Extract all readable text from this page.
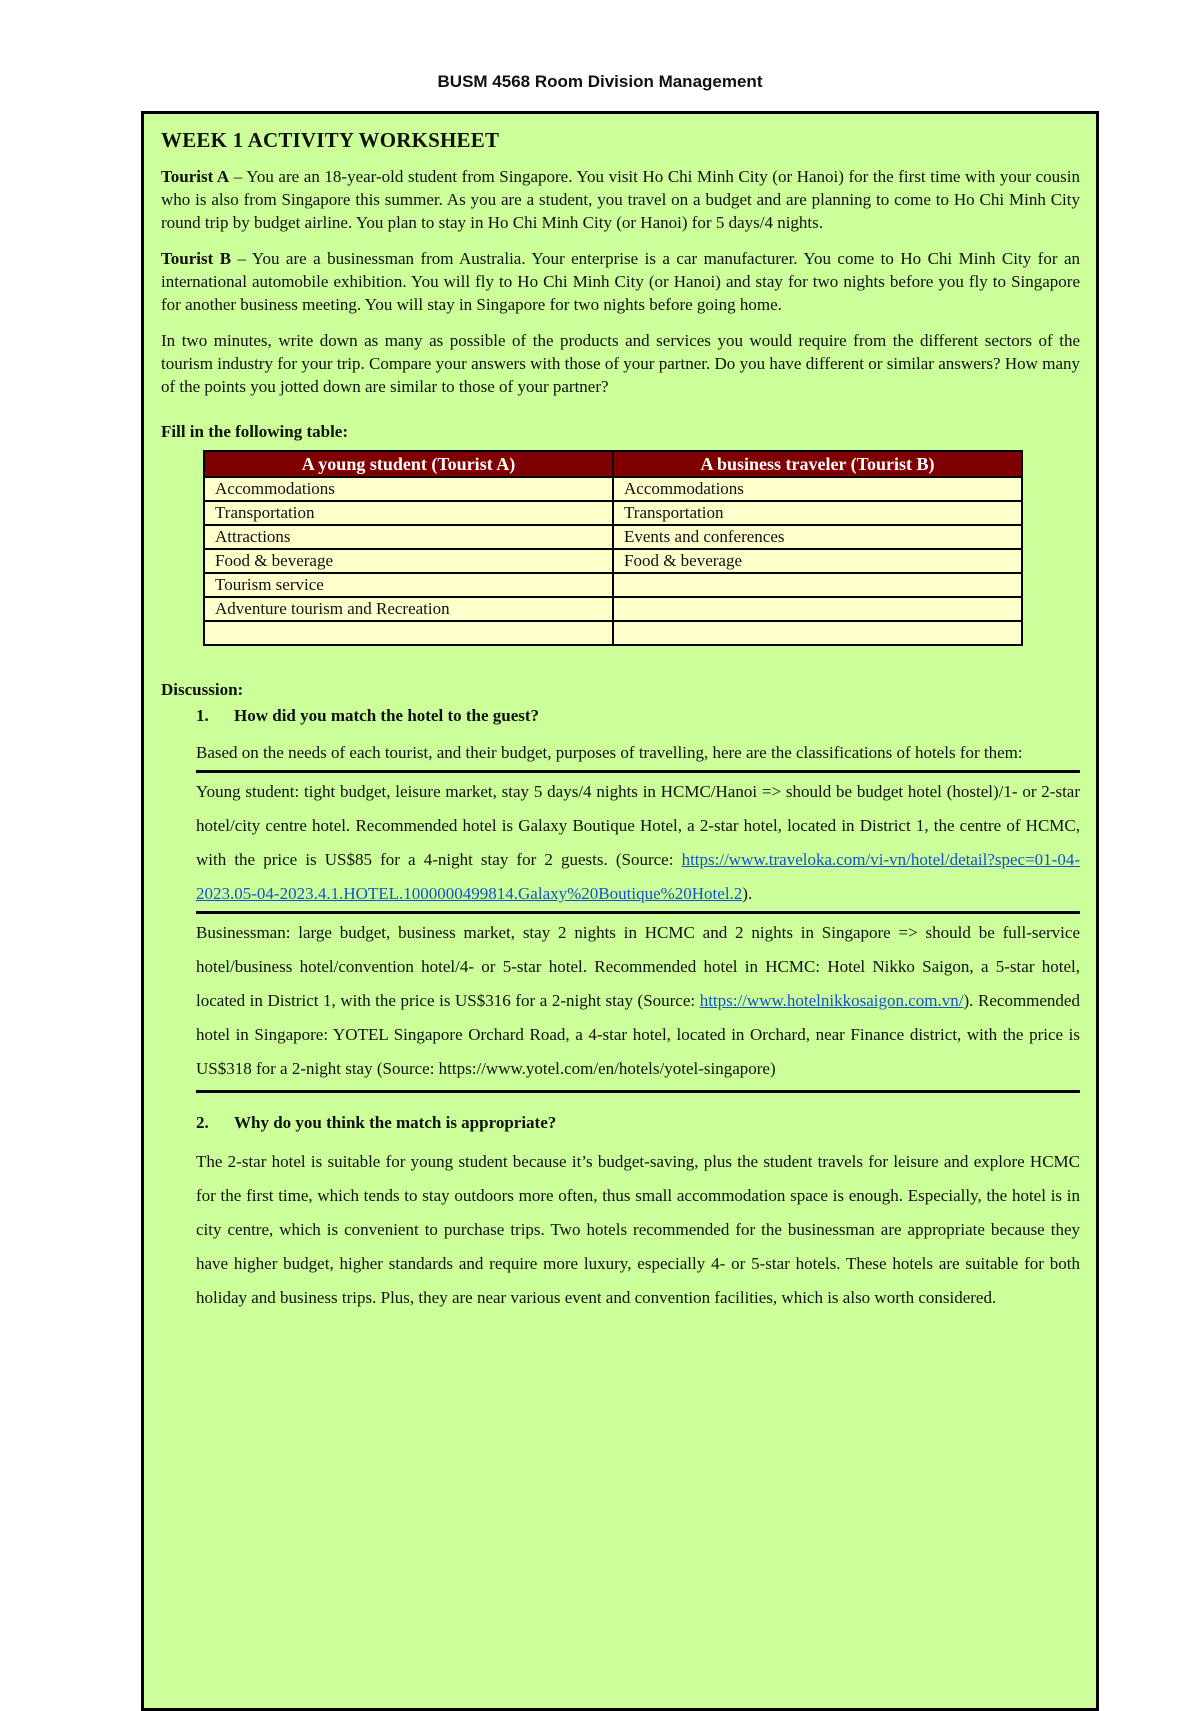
BUSM 4568 Room Division Management
WEEK 1 ACTIVITY WORKSHEET

Tourist A – You are an 18-year-old student from Singapore. You visit Ho Chi Minh City (or Hanoi) for the first time with your cousin who is also from Singapore this summer. As you are a student, you travel on a budget and are planning to come to Ho Chi Minh City round trip by budget airline. You plan to stay in Ho Chi Minh City (or Hanoi) for 5 days/4 nights.

Tourist B – You are a businessman from Australia. Your enterprise is a car manufacturer. You come to Ho Chi Minh City for an international automobile exhibition. You will fly to Ho Chi Minh City (or Hanoi) and stay for two nights before you fly to Singapore for another business meeting. You will stay in Singapore for two nights before going home.

In two minutes, write down as many as possible of the products and services you would require from the different sectors of the tourism industry for your trip. Compare your answers with those of your partner. Do you have different or similar answers? How many of the points you jotted down are similar to those of your partner?

Fill in the following table:
A young student (Tourist A)	A business traveler (Tourist B)
Accommodations	Accommodations
Transportation	Transportation
Attractions	Events and conferences
Food & beverage	Food & beverage
Tourism service	
Adventure tourism and Recreation	

Discussion:
1. How did you match the hotel to the guest?

Based on the needs of each tourist, and their budget, purposes of travelling, here are the classifications of hotels for them:

Young student: tight budget, leisure market, stay 5 days/4 nights in HCMC/Hanoi => should be budget hotel (hostel)/1- or 2-star hotel/city centre hotel. Recommended hotel is Galaxy Boutique Hotel, a 2-star hotel, located in District 1, the centre of HCMC, with the price is US$85 for a 4-night stay for 2 guests. (Source: https://www.traveloka.com/vi-vn/hotel/detail?spec=01-04-2023.05-04-2023.4.1.HOTEL.1000000499814.Galaxy%20Boutique%20Hotel.2).

Businessman: large budget, business market, stay 2 nights in HCMC and 2 nights in Singapore => should be full-service hotel/business hotel/convention hotel/4- or 5-star hotel. Recommended hotel in HCMC: Hotel Nikko Saigon, a 5-star hotel, located in District 1, with the price is US$316 for a 2-night stay (Source: https://www.hotelnikkosaigon.com.vn/). Recommended hotel in Singapore: YOTEL Singapore Orchard Road, a 4-star hotel, located in Orchard, near Finance district, with the price is US$318 for a 2-night stay (Source: https://www.yotel.com/en/hotels/yotel-singapore)

2. Why do you think the match is appropriate?

The 2-star hotel is suitable for young student because it’s budget-saving, plus the student travels for leisure and explore HCMC for the first time, which tends to stay outdoors more often, thus small accommodation space is enough. Especially, the hotel is in city centre, which is convenient to purchase trips. Two hotels recommended for the businessman are appropriate because they have higher budget, higher standards and require more luxury, especially 4- or 5-star hotels. These hotels are suitable for both holiday and business trips. Plus, they are near various event and convention facilities, which is also worth considered.
